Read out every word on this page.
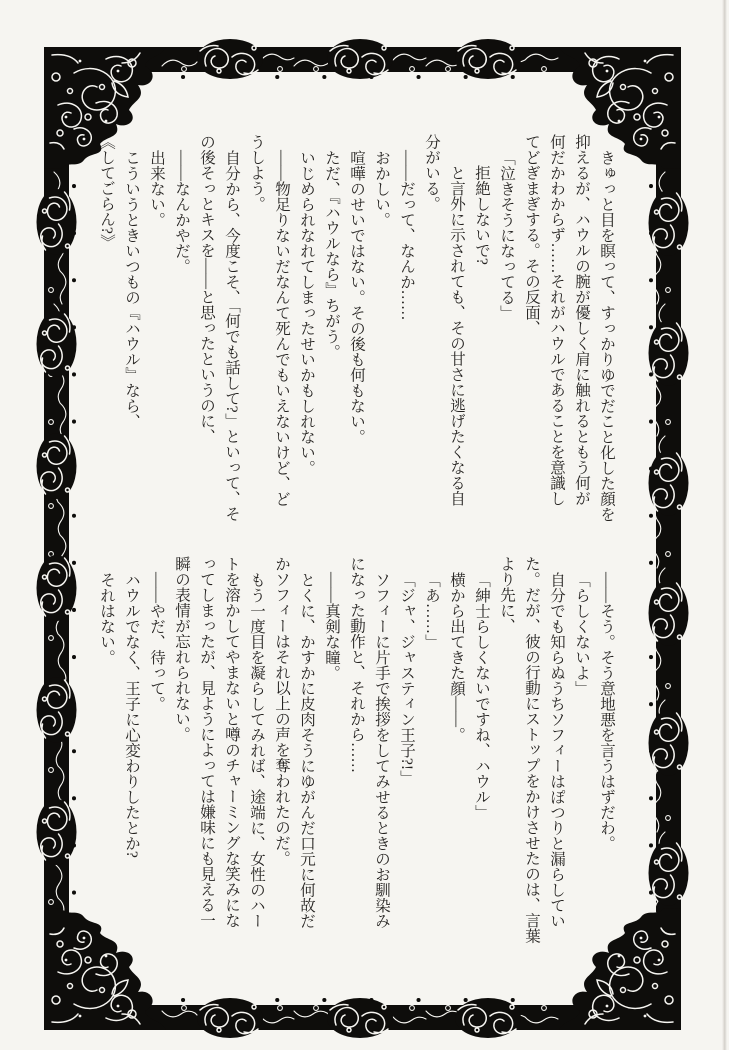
きゅっと目を瞑って、すっかりゆでだこと化した顔を

抑えるが、ハウルの腕が優しく肩に触れるともう何が

何だかわからず……それがハウルであることを意識し

てどぎまぎする。その反面、

「泣きそうになってる」

拒絶しないで?

と言外に示されても、その甘さに逃げたくなる自

分がいる。

――だって、なんか……

おかしい。

喧嘩のせいではない。その後も何もない。

ただ、『ハウルなら』ちがう。

いじめられなれてしまったせいかもしれない。

――物足りないだなんて死んでもいえないけど、ど

うしよう。

自分から、今度こそ、「何でも話して?」といって、そ

の後そっとキスを――と思ったというのに、

――なんかやだ。

出来ない。

こういうときいつもの『ハウル』なら、

《してごらん?》

――そう。そう意地悪を言うはずだわ。

「らしくないよ」

自分でも知らぬうちソフィーはぽつりと漏らしてい

た。だが、彼の行動にストップをかけさせたのは、言葉

より先に、

「紳士らしくないですね、ハウル」

横から出てきた顔――。

「あ……」

「ジャ、ジャスティン王子?!」

ソフィーに片手で挨拶をしてみせるときのお馴染み

になった動作と、それから……

――真剣な瞳。

とくに、かすかに皮肉そうにゆがんだ口元に何故だ

かソフィーはそれ以上の声を奪われたのだ。

もう一度目を凝らしてみれば、途端に、女性のハー

トを溶かしてやまないと噂のチャーミングな笑みにな

ってしまったが、見ようによっては嫌味にも見える一

瞬の表情が忘れられない。

――やだ、待って。

ハウルでなく、王子に心変わりしたとか?

それはない。
